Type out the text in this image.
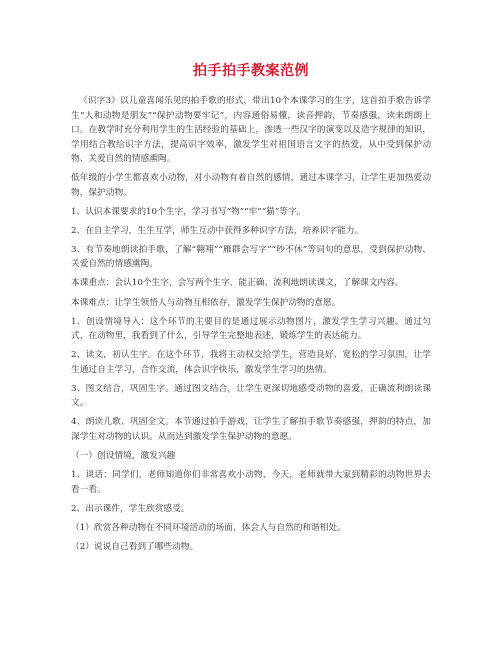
拍手拍手教案范例

《识字3》以儿童喜闻乐见的拍手歌的形式，带出10个本课学习的生字，这首拍手歌告诉学生“人和动物是朋友”“保护动物要牢记”，内容通俗易懂，读音押韵，节奏感强，读来朗朗上口。在教学时充分利用学生的生活经验的基础上，渗透一些汉字的演变以及造字规律的知识，学用结合教给识字方法，提高识字效率，激发学生对祖国语言文字的热爱，从中受到保护动物、关爱自然的情感熏陶。

低年级的小学生都喜欢小动物，对小动物有着自然的感情，通过本课学习，让学生更加热爱动物，保护动物。

1、认识本课要求的10个生字，学习书写“物”“牢”“猫”等字。

2、在自主学习，生生互学，师生互动中获得多种识字方法，培养识字能力。

3、有节奏地朗读拍手歌，了解“翱翔”“雁群会写字”“吵不休”等词句的意思，受到保护动物、关爱自然的情感熏陶。

本课重点：会认10个生字，会写两个生字，能正确、流利地朗读课文，了解课文内容。

本课难点：让学生领悟人与动物互相依存，激发学生保护动物的意愿。

1、创设情境导入：这个环节的主要目的是通过展示动物图片，激发学生学习兴趣。通过匀式，在动物里，我看到了什么，引导学生完整地表述，锻炼学生的表达能力。

2、读文，初认生字。在这个环节，我将主动权交给学生，营造良好、宽松的学习氛围，让学生通过自主学习，合作交流，体会识字快乐，激发学生学习的热情。

3、图文结合，巩固生字。通过图文结合，让学生更深切地感受动物的喜爱，正确流利朗读课文。

4、朗读儿歌、巩固全文。本节通过拍手游戏，让学生了解拍手歌节奏感强，押韵的特点，加深学生对动物的认识。从而达到激发学生保护动物的意愿。

（一）创设情境，激发兴趣

1、谈话：同学们，老师知道你们非常喜欢小动物，今天，老师就带大家到精彩的动物世界去看一看。

2、出示课件，学生欣赏感受。

（1）欣赏各种动物在不同环境活动的场面，体会人与自然的和谐相处。

（2）说说自己看到了哪些动物。
